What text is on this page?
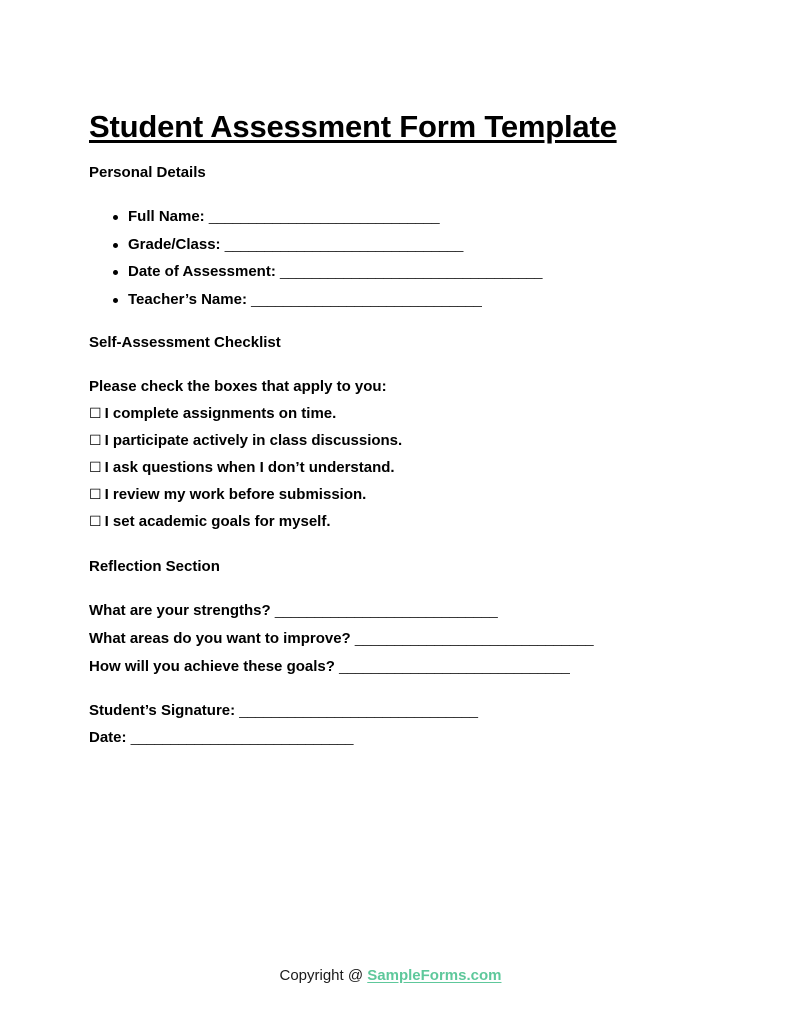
Student Assessment Form Template
Personal Details
Full Name: _____________________________
Grade/Class: ______________________________
Date of Assessment: _________________________________
Teacher’s Name: _____________________________
Self-Assessment Checklist
Please check the boxes that apply to you:
☐ I complete assignments on time.
☐ I participate actively in class discussions.
☐ I ask questions when I don’t understand.
☐ I review my work before submission.
☐ I set academic goals for myself.
Reflection Section
What are your strengths? ____________________________
What areas do you want to improve? ______________________________
How will you achieve these goals? _____________________________
Student’s Signature: ______________________________
Date: ____________________________
Copyright @ SampleForms.com
